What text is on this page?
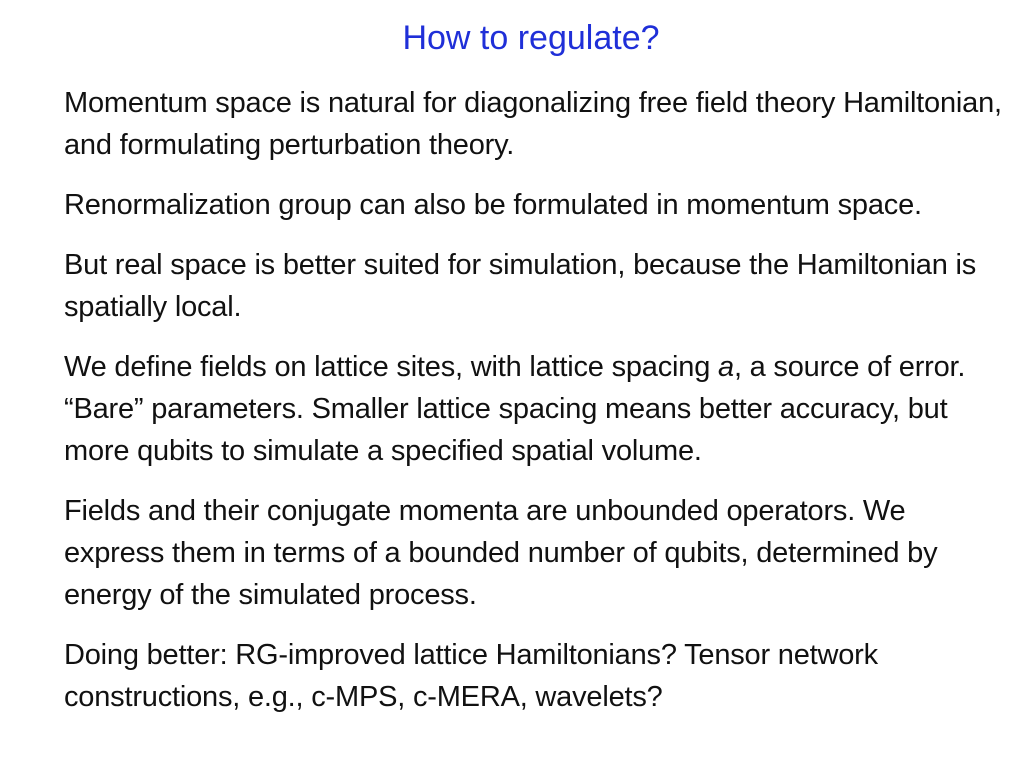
How to regulate?

Momentum space is natural for diagonalizing free field theory Hamiltonian, and formulating perturbation theory.

Renormalization group can also be formulated in momentum space.

But real space is better suited for simulation, because the Hamiltonian is spatially local.

We define fields on lattice sites, with lattice spacing a, a source of error. “Bare” parameters. Smaller lattice spacing means better accuracy, but more qubits to simulate a specified spatial volume.

Fields and their conjugate momenta are unbounded operators. We express them in terms of a bounded number of qubits, determined by energy of the simulated process.

Doing better: RG-improved lattice Hamiltonians? Tensor network constructions, e.g., c-MPS, c-MERA, wavelets?
